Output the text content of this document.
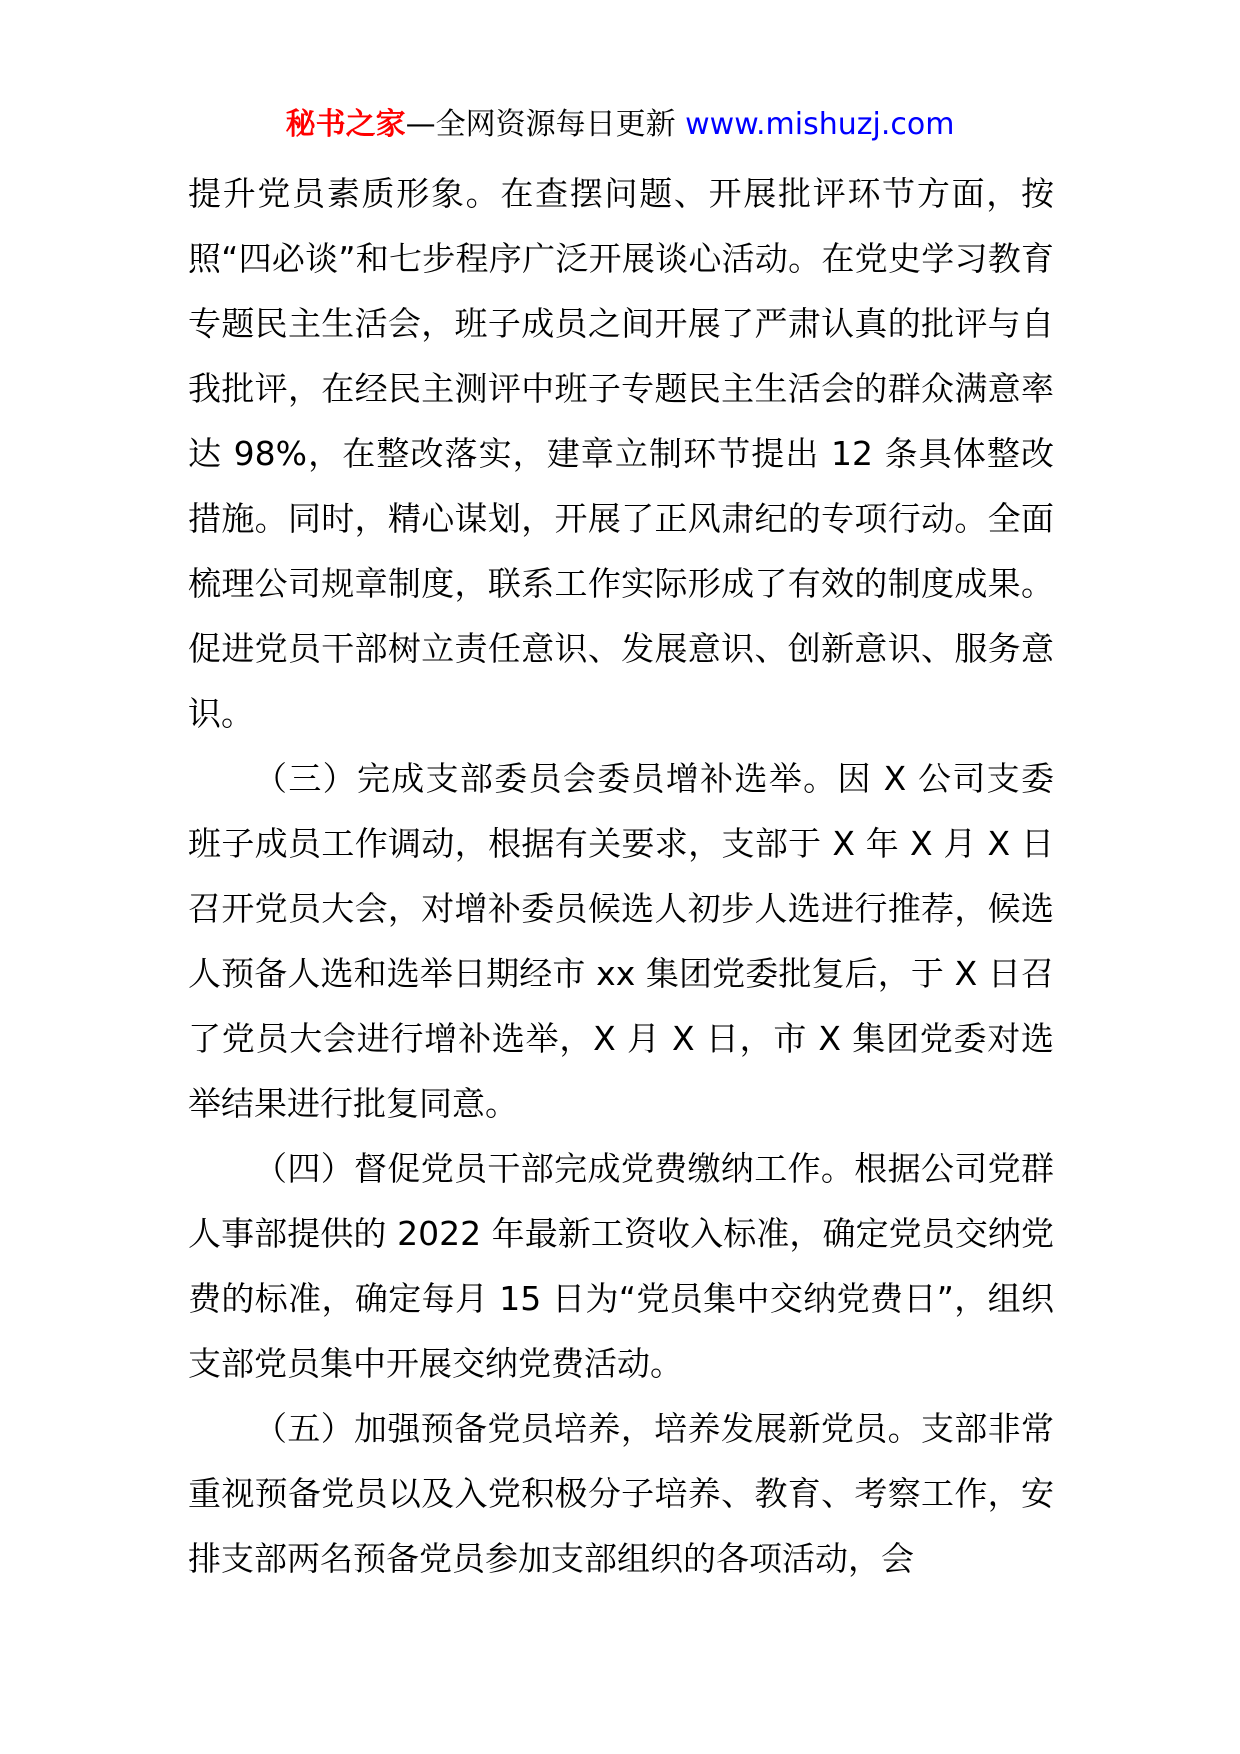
秘书之家—全网资源每日更新 www.mishuzj.com

提升党员素质形象。在查摆问题、开展批评环节方面，按照“四必谈”和七步程序广泛开展谈心活动。在党史学习教育专题民主生活会，班子成员之间开展了严肃认真的批评与自我批评，在经民主测评中班子专题民主生活会的群众满意率达 98%，在整改落实，建章立制环节提出 12 条具体整改措施。同时，精心谋划，开展了正风肃纪的专项行动。全面梳理公司规章制度，联系工作实际形成了有效的制度成果。促进党员干部树立责任意识、发展意识、创新意识、服务意识。

（三）完成支部委员会委员增补选举。因 X 公司支委班子成员工作调动，根据有关要求，支部于 X 年 X 月 X 日召开党员大会，对增补委员候选人初步人选进行推荐，候选人预备人选和选举日期经市 xx 集团党委批复后，于 X 日召了党员大会进行增补选举，X 月 X 日，市 X 集团党委对选举结果进行批复同意。

（四）督促党员干部完成党费缴纳工作。根据公司党群人事部提供的 2022 年最新工资收入标准，确定党员交纳党费的标准，确定每月 15 日为“党员集中交纳党费日”，组织支部党员集中开展交纳党费活动。

（五）加强预备党员培养，培养发展新党员。支部非常重视预备党员以及入党积极分子培养、教育、考察工作，安排支部两名预备党员参加支部组织的各项活动，会
